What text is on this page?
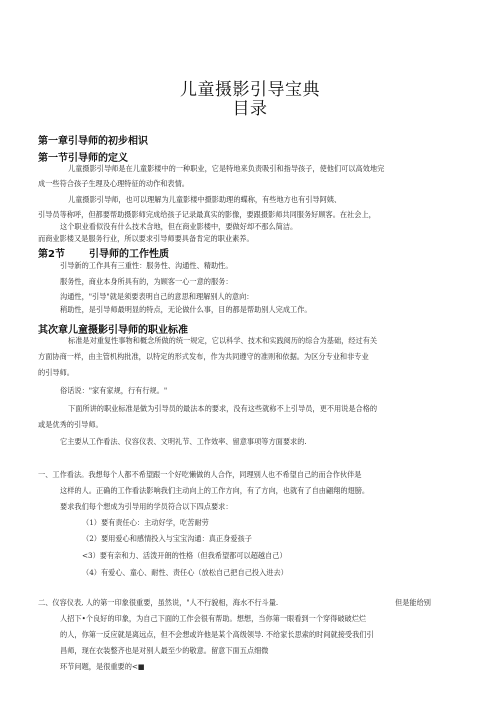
儿童摄影引导宝典
目录
第一章引导师的初步相识
第一节引导师的定义
儿童摄影引导师是在儿童影楼中的一种职业，它是特地来负责吸引和指导孩子，使他们可以高效地完
成一些符合孩子生理及心理特征的动作和表情。
儿童摄影引导师，也可以理解为儿童影楼中摄影助理的蝶称，有些地方也有引导阿姨、
引导员等称呼，但都要帮助摄影师完成给孩子记录最真实的影像，要跟摄影师共同服务好顾客。在社会上，
这个职业看似没有什么技术含地，但在商业影楼中，要做好却不那么简洁。
而商业影楼又是服务行业，所以要求引导师要具备肯定的职业素养。
第2节 引导师的工作性质
引导新的工作具有三重性：服务性、沟通性、精助性。
服务性，商业本身所具有的，为顾客一心一意的服务：
沟通性，"引导"就是须要表明自己的意思和理解别人的意向：
稍助性，是引导师最明显的特点，无论做什么事，目的都是帮助别人完成工作。
其次章儿童摄影引导师的职业标准
标准是对重复性事物和概念所做的统一规定，它以科学、技术和实践阅历的综合为基础，经过有关
方面协商一样，由主管机构批准，以特定的形式发布，作为共同遵守的准则和依据。为区分专业和非专业
的引导师。
俗话说："家有家规，行有行规。"
下面所讲的职业标准是做为引导员的最法本的要求，没有这些就称不上引导员，更不用说是合格的
或是优秀的引导师。
它主要从工作看法、仪容仪表、文明礼节、工作效率、留意事项等方面要求的.
一、工作看法。我想每个人都不希望跟一个好吃懒做的人合作，同理别人也不希望自己的而合作伙伴是
这样的人。正确的工作看法影响我们主动向上的工作方向，有了方向，也就有了自由翩翔的翅膀。
要求我们每个想成为引导用的学员符合以下四点要求：
（1）要有责任心：主动好学，吃苦耐劳
（2）要用爱心和感情投入与宝宝沟通：真正身爱孩子
<3）要有亲和力、活泼开朗的性格（但我希望都可以超越自己）
（4）有爱心、童心、耐性、责任心（放松自己把自己投入进去）
二、仪容仪表, 人的第一印象很重要，虽然说，"人不行貌相，海水不行斗量.	但是能给别
人招下•个良好的印象，为自己下面的工作会很有帮助。想想，当你第一眼看到一个穿得破破烂烂
的人，你第一反应就是离远点，但不会想或许他是某个高级领导. 不给家长思索的时间就接受我们引
昌师，现在衣装整齐也是对别人最至少的敬意。留意下面五点细微
环节问题，是很重要的<■
